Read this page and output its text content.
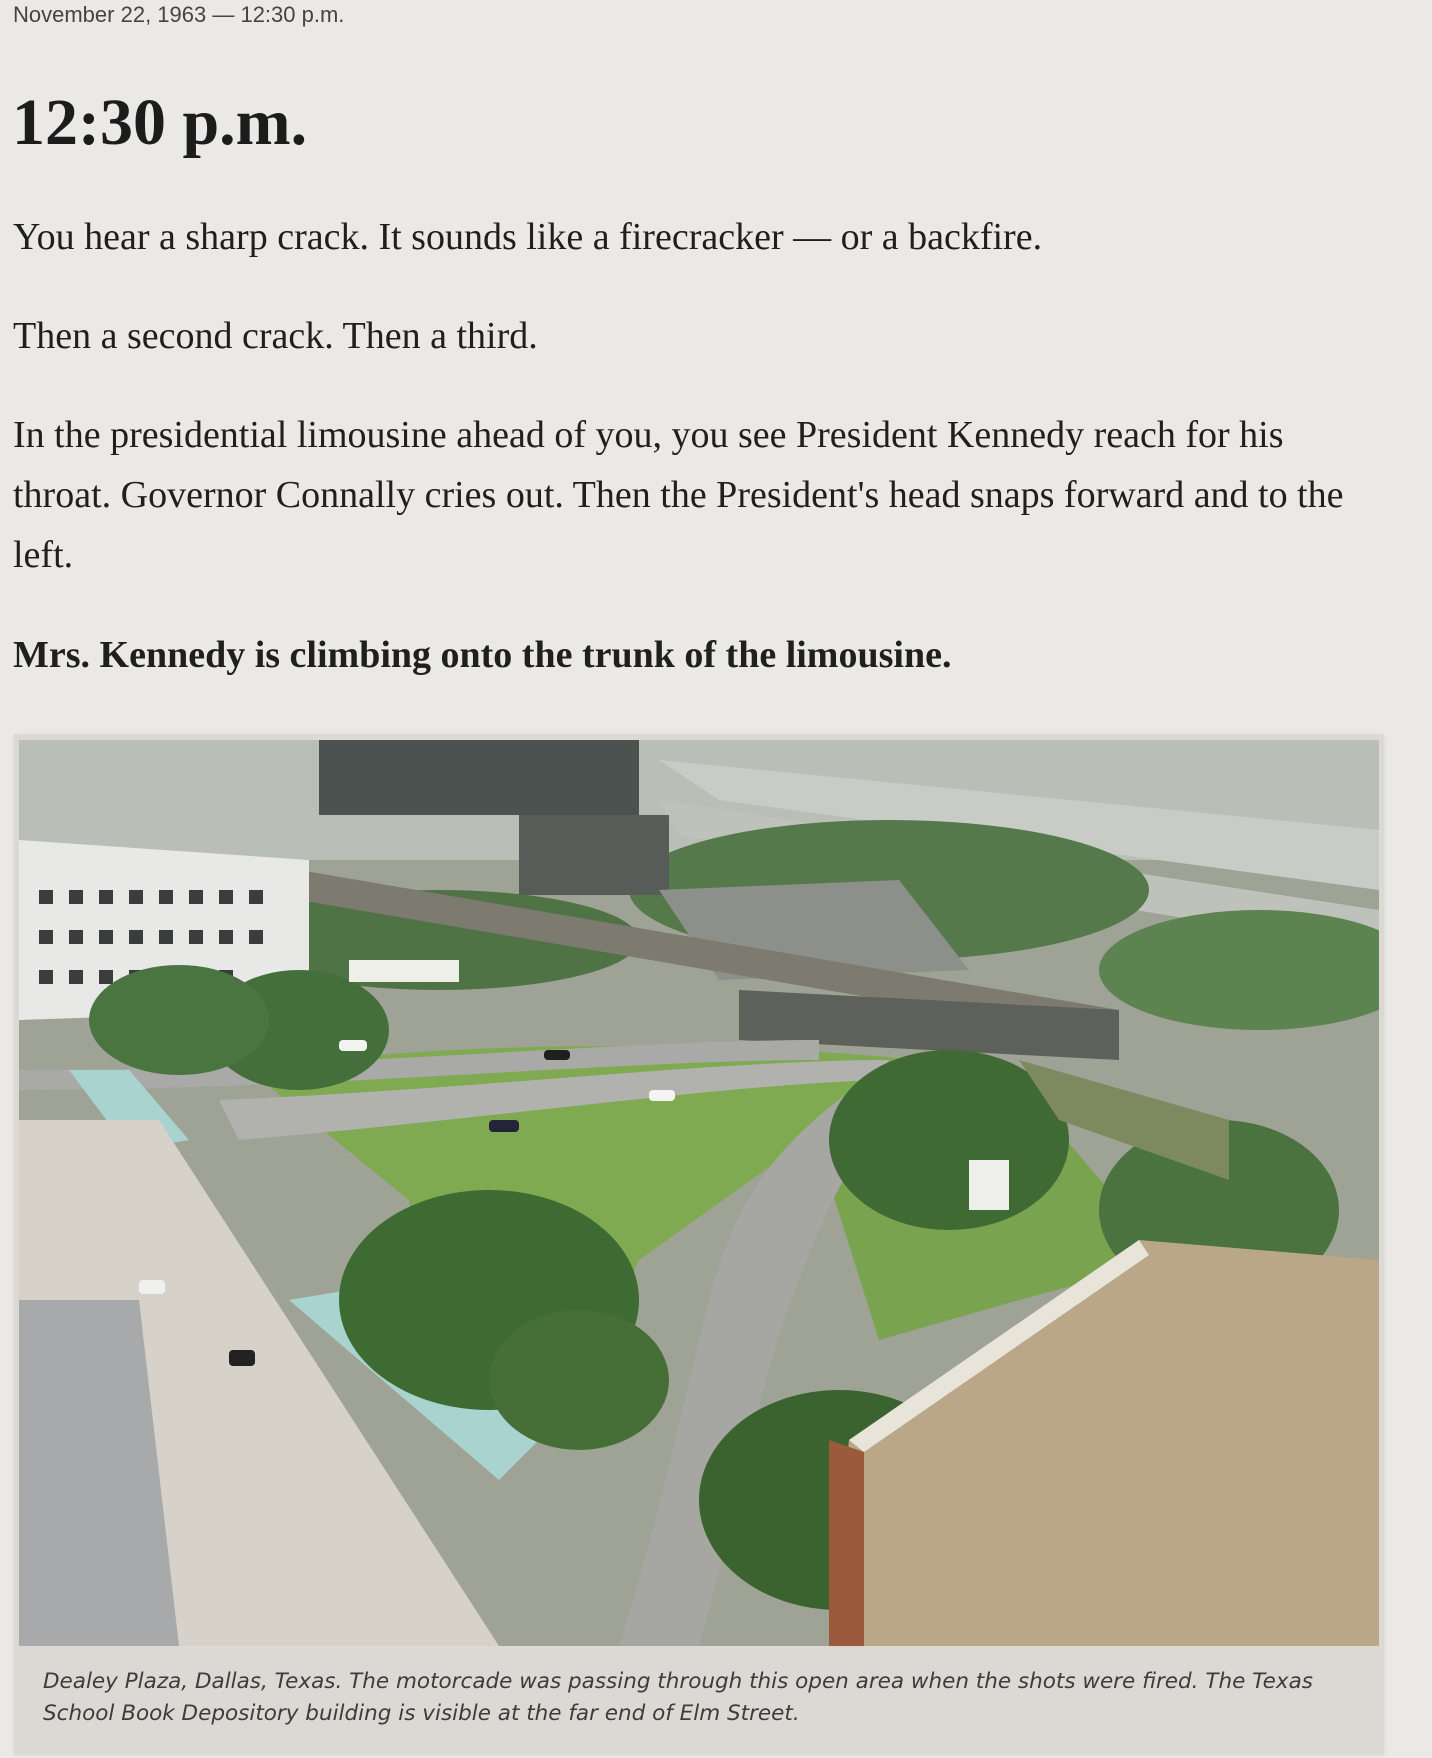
November 22, 1963 — 12:30 p.m.
12:30 p.m.

You hear a sharp crack. It sounds like a firecracker — or a backfire.

Then a second crack. Then a third.

In the presidential limousine ahead of you, you see President Kennedy reach for his throat. Governor Connally cries out. Then the President's head snaps forward and to the left.

Mrs. Kennedy is climbing onto the trunk of the limousine.

Dealey Plaza, Dallas, Texas. The motorcade was passing through this open area when the shots were fired. The Texas School Book Depository building is visible at the far end of Elm Street.
